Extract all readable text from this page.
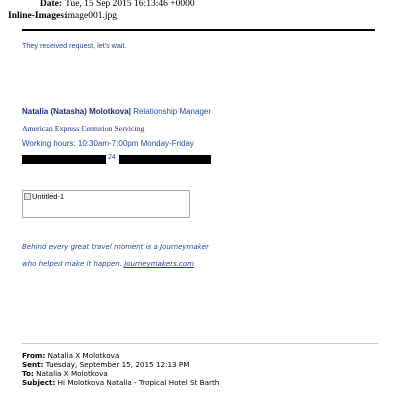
Date: Tue, 15 Sep 2015 16:13:46 +0000
Inline-Images:image001.jpg
They received request, let's wait.
Natalia (Natasha) Molotkova| Relationship Manager
American Express Centurion Servicing
Working hours: 10:30am-7:00pm Monday-Friday
24
Untitled-1
Behind every great travel moment is a Journeymaker
who helped make it happen. Journeymakers.com
From: Natalia X Molotkova
Sent: Tuesday, September 15, 2015 12:13 PM
To: Natalia X Molotkova
Subject: Hi Molotkova Natalia - Tropical Hotel St Barth
